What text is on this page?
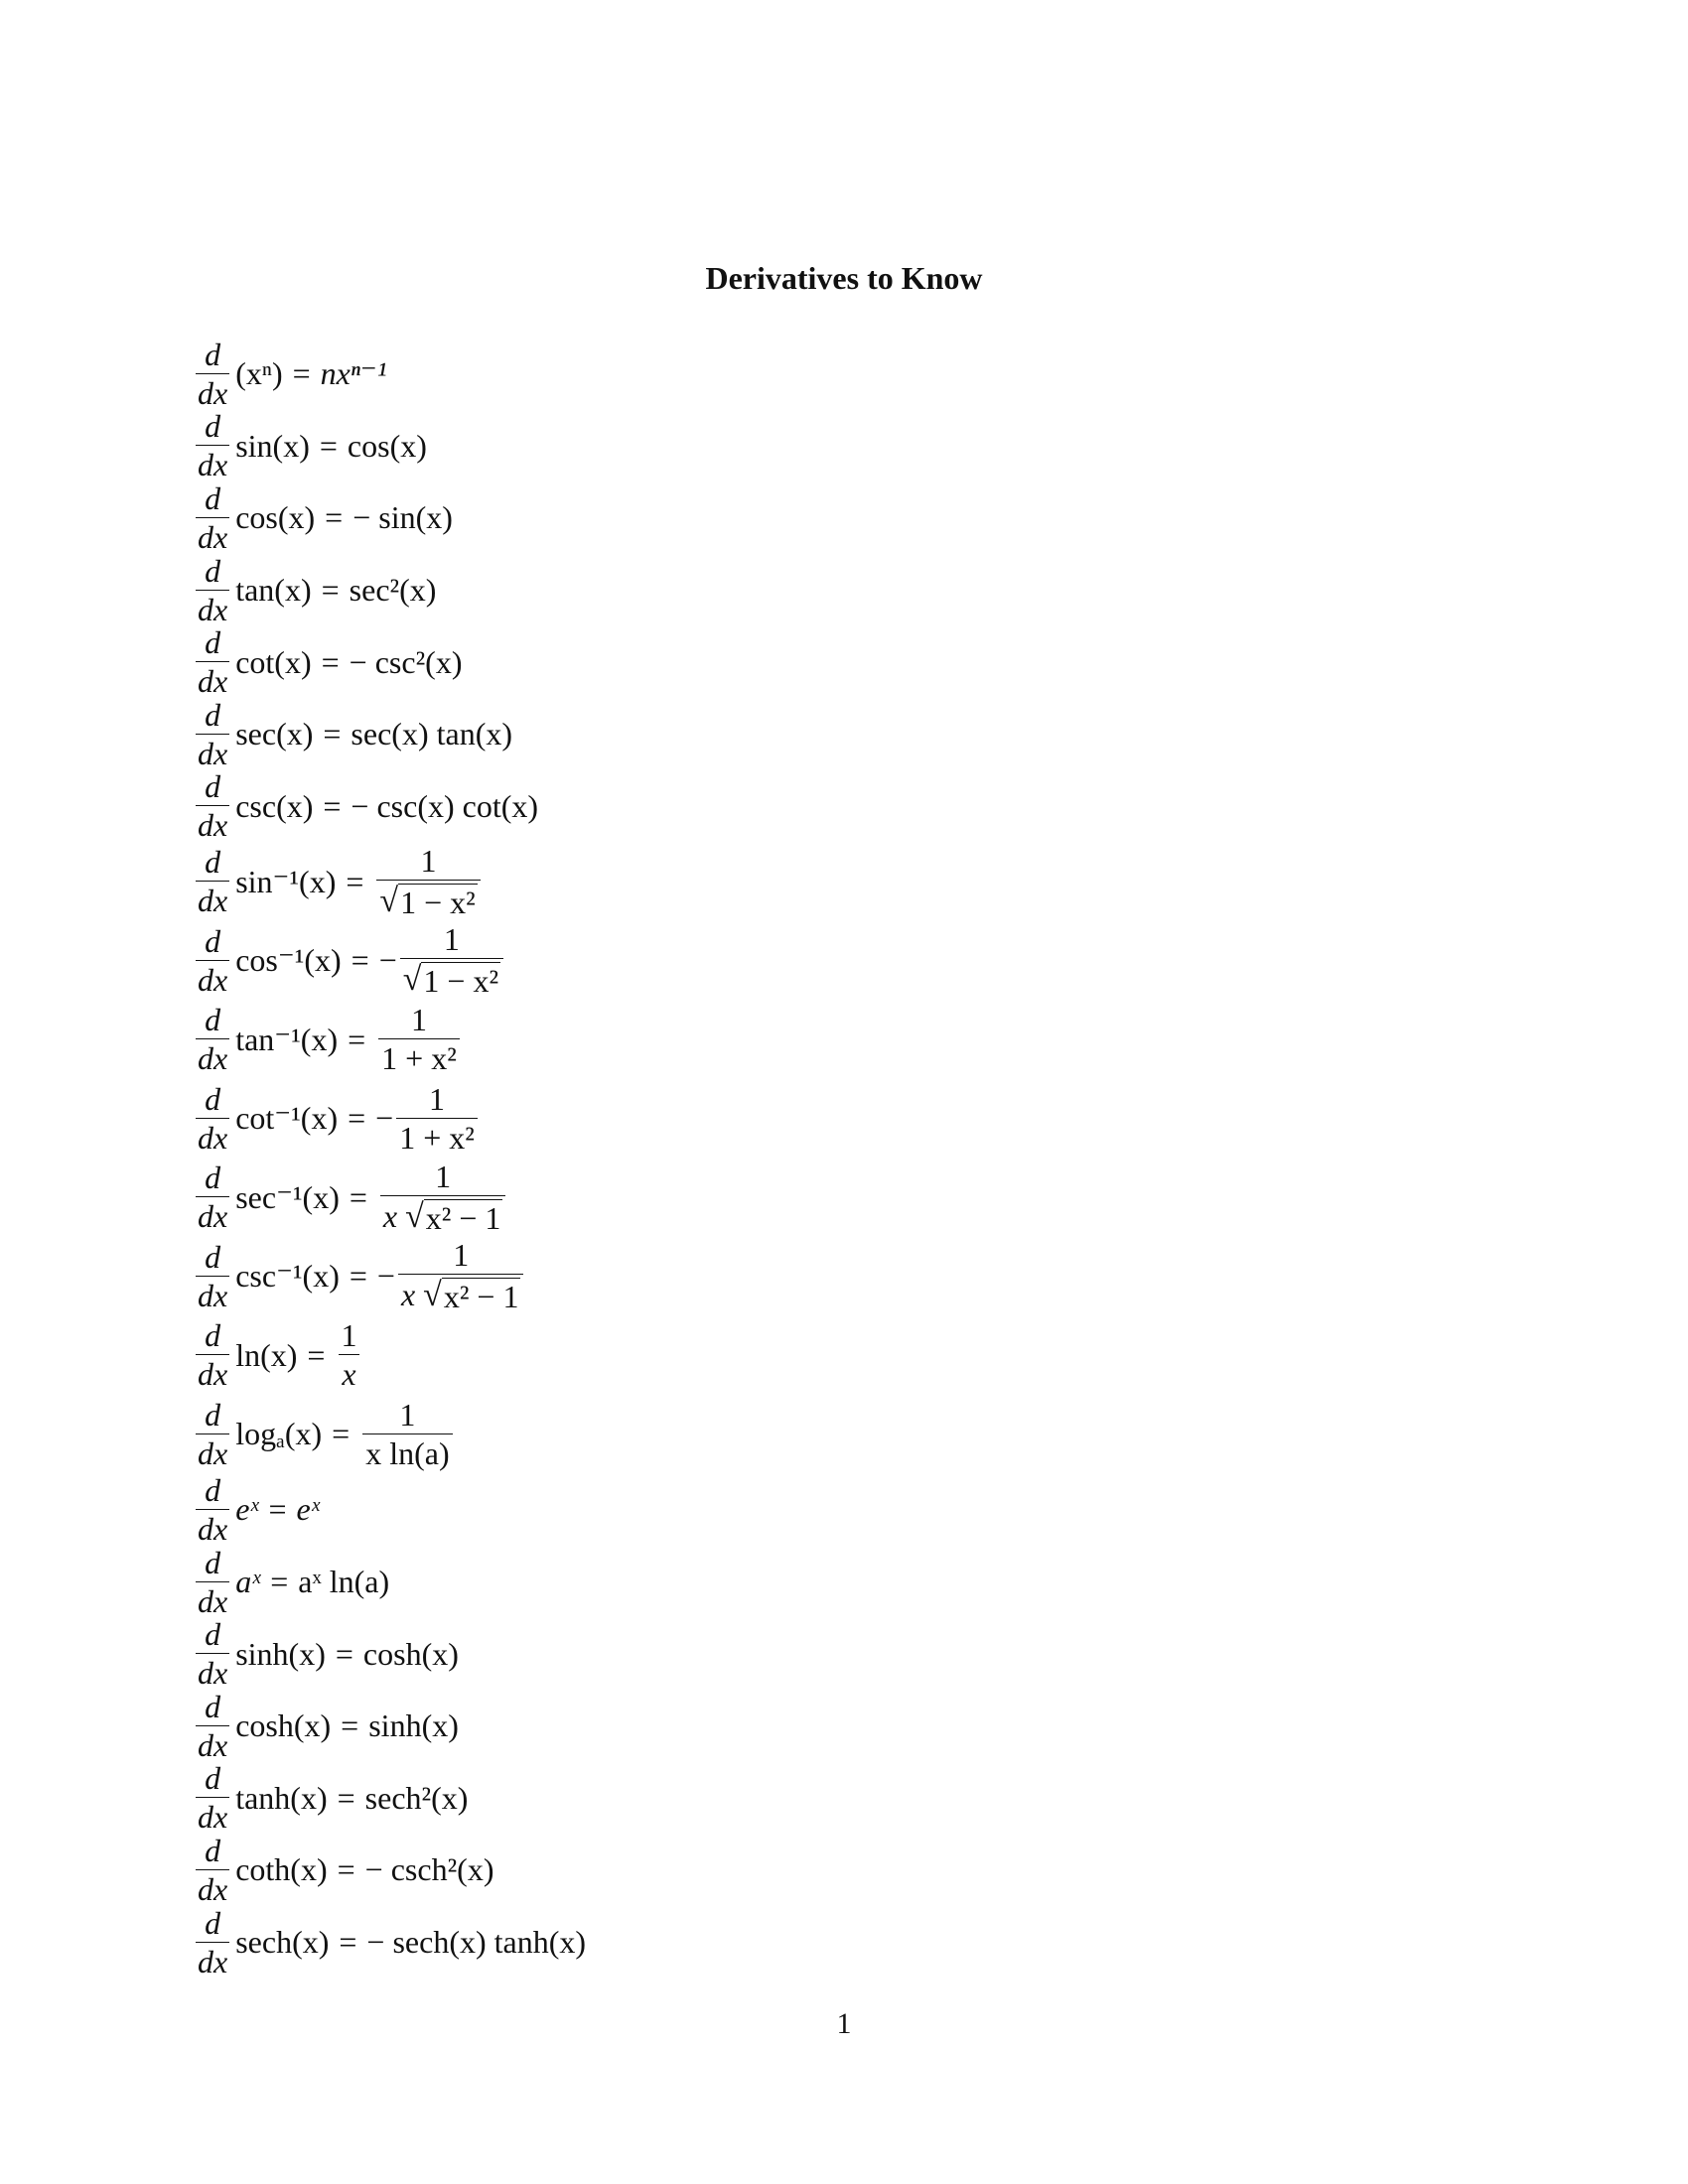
Derivatives to Know
$\frac{d}{dx} (x^n) = nx^{n-1}$
$\frac{d}{dx} \sin(x) = \cos(x)$
$\frac{d}{dx} \cos(x)$ = − sin(x)
$\frac{d}{dx} \tan(x) = \sec^2(x)$
$\frac{d}{dx} \cot(x)$ = − csc²(x)
$\frac{d}{dx} \sec(x) = \sec(x)$ tan(x)
$\frac{d}{dx} \csc(x)$ = − csc(x) cot(x)
$\frac{d}{dx} \sin^{-1}(x) = \frac{1}{\text{√ 1 − x²}}$
$\frac{d}{dx} \cos^{-1}(x)$ = − $\frac{1}{\text{√ 1 − x²}}$
$\frac{d}{dx} \tan^{-1}(x) = \frac{1}{\text{1 + x²}}$
$\frac{d}{dx} \cot^{-1}(x)$ = − $\frac{1}{\text{1 + x²}}$
$\frac{d}{dx} \sec^{-1}(x) = \frac{1}{\text{x √ x² − 1}}$
$\frac{d}{dx} \csc^{-1}(x)$ = − $\frac{1}{\text{x √ x² − 1}}$
$\frac{d}{dx} \ln(x) = \frac{1}{x}$
$\frac{d}{dx} \log_a(x) = \frac{1}{\text{x ln(a)}}$
$\frac{d}{dx}$ eˣ = eˣ
$\frac{d}{dx}$ aˣ = aˣ ln(a)
$\frac{d}{dx} \sinh(x) = \cosh(x)$
$\frac{d}{dx} \cosh(x) = \sinh(x)$
$\frac{d}{dx} \tanh(x) = \sec h^2(x)$
$\frac{d}{dx} \cot h(x)$ = − csch²(x)
$\frac{d}{dx} \sec h(x)$ = − sech(x) tanh(x)
1
